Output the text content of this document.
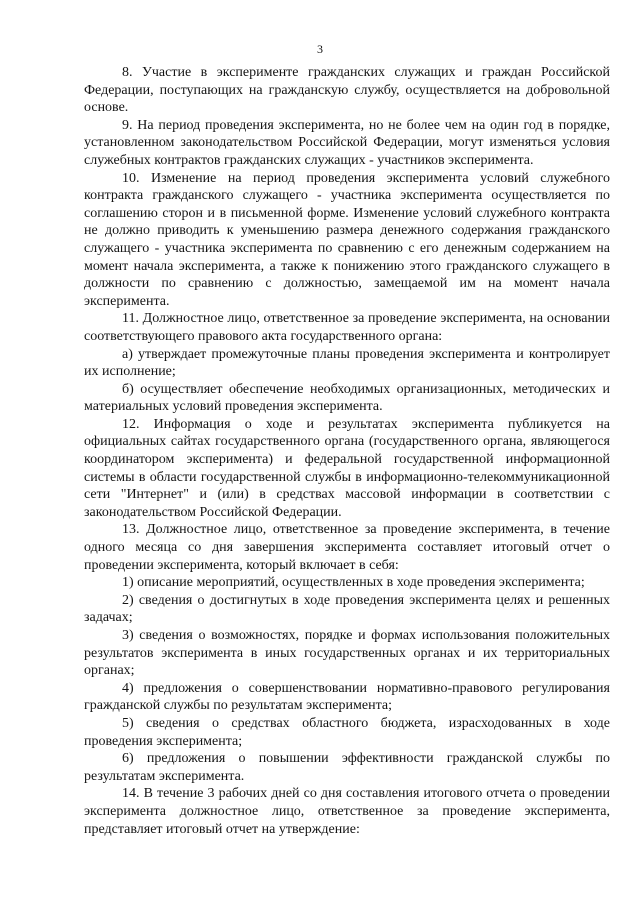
3

8. Участие в эксперименте гражданских служащих и граждан Российской Федерации, поступающих на гражданскую службу, осуществляется на добровольной основе.

9. На период проведения эксперимента, но не более чем на один год в порядке, установленном законодательством Российской Федерации, могут изменяться условия служебных контрактов гражданских служащих - участников эксперимента.

10. Изменение на период проведения эксперимента условий служебного контракта гражданского служащего - участника эксперимента осуществляется по соглашению сторон и в письменной форме. Изменение условий служебного контракта не должно приводить к уменьшению размера денежного содержания гражданского служащего - участника эксперимента по сравнению с его денежным содержанием на момент начала эксперимента, а также к понижению этого гражданского служащего в должности по сравнению с должностью, замещаемой им на момент начала эксперимента.

11. Должностное лицо, ответственное за проведение эксперимента, на основании соответствующего правового акта государственного органа:

а) утверждает промежуточные планы проведения эксперимента и контролирует их исполнение;

б) осуществляет обеспечение необходимых организационных, методических и материальных условий проведения эксперимента.

12. Информация о ходе и результатах эксперимента публикуется на официальных сайтах государственного органа (государственного органа, являющегося координатором эксперимента) и федеральной государственной информационной системы в области государственной службы в информационно-телекоммуникационной сети "Интернет" и (или) в средствах массовой информации в соответствии с законодательством Российской Федерации.

13. Должностное лицо, ответственное за проведение эксперимента, в течение одного месяца со дня завершения эксперимента составляет итоговый отчет о проведении эксперимента, который включает в себя:

1) описание мероприятий, осуществленных в ходе проведения эксперимента;

2) сведения о достигнутых в ходе проведения эксперимента целях и решенных задачах;

3) сведения о возможностях, порядке и формах использования положительных результатов эксперимента в иных государственных органах и их территориальных органах;

4) предложения о совершенствовании нормативно-правового регулирования гражданской службы по результатам эксперимента;

5) сведения о средствах областного бюджета, израсходованных в ходе проведения эксперимента;

6) предложения о повышении эффективности гражданской службы по результатам эксперимента.

14. В течение 3 рабочих дней со дня составления итогового отчета о проведении эксперимента должностное лицо, ответственное за проведение эксперимента, представляет итоговый отчет на утверждение:
